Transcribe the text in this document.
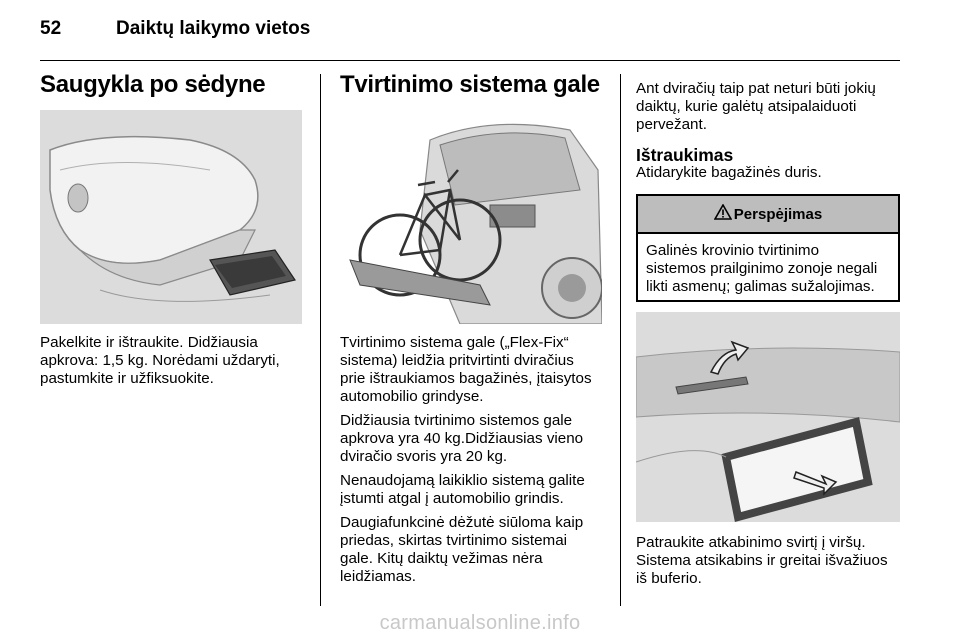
52	Daiktų laikymo vietos
Saugykla po sėdyne
Pakelkite ir ištraukite. Didžiausia
apkrova: 1,5 kg. Norėdami uždaryti,
pastumkite ir užfiksuokite.
Tvirtinimo sistema gale
Tvirtinimo sistema gale („Flex-Fix“
sistema) leidžia pritvirtinti dviračius
prie ištraukiamos bagažinės, įtaisytos
automobilio grindyse.
Didžiausia tvirtinimo sistemos gale
apkrova yra 40 kg.Didžiausias vieno
dviračio svoris yra 20 kg.
Nenaudojamą laikiklio sistemą galite
įstumti atgal į automobilio grindis.
Daugiafunkcinė dėžutė siūloma kaip
priedas, skirtas tvirtinimo sistemai
gale. Kitų daiktų vežimas nėra
leidžiamas.
Ant dviračių taip pat neturi būti jokių
daiktų, kurie galėtų atsipalaiduoti
pervežant.
Ištraukimas
Atidarykite bagažinės duris.
Perspėjimas
Galinės krovinio tvirtinimo
sistemos prailginimo zonoje negali
likti asmenų; galimas sužalojimas.
Patraukite atkabinimo svirtį į viršų.
Sistema atsikabins ir greitai išvažiuos
iš buferio.
carmanualsonline.info
